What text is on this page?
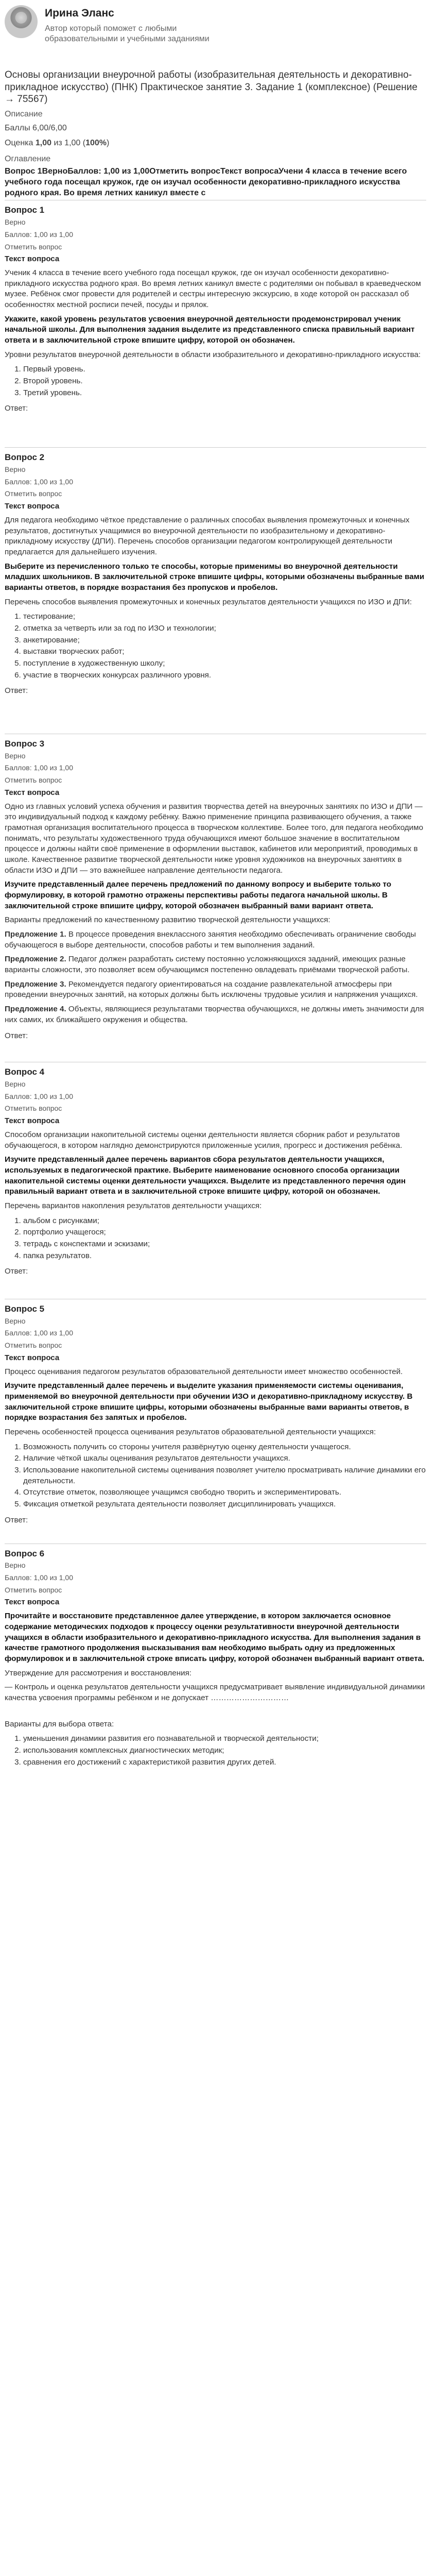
Ирина Эланс
Автор который поможет с любыми образовательными и учебными заданиями
Основы организации внеурочной работы (изобразительная деятельность и декоративно-прикладное искусство) (ПНК) Практическое занятие 3. Задание 1 (комплексное) (Решение → 75567)
Описание
Баллы 6,00/6,00
Оценка 1,00 из 1,00 (100%)
Оглавление
Вопрос 1ВерноБаллов: 1,00 из 1,00Отметить вопросТекст вопросаУчени 4 класса в течение всего учебного года посещал кружок, где он изучал особенности декоративно-прикладного искусства родного края. Во время летних каникул вместе с
Вопрос 1
Верно
Баллов: 1,00 из 1,00
Отметить вопрос
Текст вопроса
Ученик 4 класса в течение всего учебного года посещал кружок, где он изучал особенности декоративно-прикладного искусства родного края. Во время летних каникул вместе с родителями он побывал в краеведческом музее. Ребёнок смог провести для родителей и сестры интересную экскурсию, в ходе которой он рассказал об особенностях местной росписи печей, посуды и прялок.
Укажите, какой уровень результатов усвоения внеурочной деятельности продемонстрировал ученик начальной школы. Для выполнения задания выделите из представленного списка правильный вариант ответа и в заключительной строке впишите цифру, которой он обозначен.
Уровни результатов внеурочной деятельности в области изобразительного и декоративно-прикладного искусства:
1. Первый уровень.
2. Второй уровень.
3. Третий уровень.
Ответ:
Вопрос 2
Верно
Баллов: 1,00 из 1,00
Отметить вопрос
Текст вопроса
Для педагога необходимо чёткое представление о различных способах выявления промежуточных и конечных результатов, достигнутых учащимися во внеурочной деятельности по изобразительному и декоративно-прикладному искусству (ДПИ). Перечень способов организации педагогом контролирующей деятельности предлагается для дальнейшего изучения.
Выберите из перечисленного только те способы, которые применимы во внеурочной деятельности младших школьников. В заключительной строке впишите цифры, которыми обозначены выбранные вами варианты ответов, в порядке возрастания без пропусков и пробелов.
Перечень способов выявления промежуточных и конечных результатов деятельности учащихся по ИЗО и ДПИ:
1. тестирование;
2. отметка за четверть или за год по ИЗО и технологии;
3. анкетирование;
4. выставки творческих работ;
5. поступление в художественную школу;
6. участие в творческих конкурсах различного уровня.
Ответ:
Вопрос 3
Верно
Баллов: 1,00 из 1,00
Отметить вопрос
Текст вопроса
Одно из главных условий успеха обучения и развития творчества детей на внеурочных занятиях по ИЗО и ДПИ — это индивидуальный подход к каждому ребёнку. Важно применение принципа развивающего обучения, а также грамотная организация воспитательного процесса в творческом коллективе. Более того, для педагога необходимо понимать, что результаты художественного труда обучающихся имеют большое значение в воспитательном процессе и должны найти своё применение в оформлении выставок, кабинетов или мероприятий, проводимых в школе. Качественное развитие творческой деятельности ниже уровня художников на внеурочных занятиях в области ИЗО и ДПИ — это важнейшее направление деятельности педагога.
Изучите представленный далее перечень предложений по данному вопросу и выберите только то формулировку, в которой грамотно отражены перспективы работы педагога начальной школы. В заключительной строке впишите цифру, которой обозначен выбранный вами вариант ответа.
Варианты предложений по качественному развитию творческой деятельности учащихся:
Предложение 1. В процессе проведения внеклассного занятия необходимо обеспечивать ограничение свободы обучающегося в выборе деятельности, способов работы и тем выполнения заданий.
Предложение 2. Педагог должен разработать систему постоянно усложняющихся заданий, имеющих разные варианты сложности, это позволяет всем обучающимся постепенно овладевать приёмами творческой работы.
Предложение 3. Рекомендуется педагогу ориентироваться на создание развлекательной атмосферы при проведении внеурочных занятий, на которых должны быть исключены трудовые усилия и напряжения учащихся.
Предложение 4. Объекты, являющиеся результатами творчества обучающихся, не должны иметь значимости для них самих, их ближайшего окружения и общества.
Ответ:
Вопрос 4
Верно
Баллов: 1,00 из 1,00
Отметить вопрос
Текст вопроса
Способом организации накопительной системы оценки деятельности является сборник работ и результатов обучающегося, в котором наглядно демонстрируются приложенные усилия, прогресс и достижения ребёнка.
Изучите представленный далее перечень вариантов сбора результатов деятельности учащихся, используемых в педагогической практике. Выберите наименование основного способа организации накопительной системы оценки деятельности учащихся. Выделите из представленного перечня один правильный вариант ответа и в заключительной строке впишите цифру, которой он обозначен.
Перечень вариантов накопления результатов деятельности учащихся:
1. альбом с рисунками;
2. портфолио учащегося;
3. тетрадь с конспектами и эскизами;
4. папка результатов.
Ответ:
Вопрос 5
Верно
Баллов: 1,00 из 1,00
Отметить вопрос
Текст вопроса
Процесс оценивания педагогом результатов образовательной деятельности имеет множество особенностей.
Изучите представленный далее перечень и выделите указания применяемости системы оценивания, применяемой во внеурочной деятельности при обучении ИЗО и декоративно-прикладному искусству. В заключительной строке впишите цифры, которыми обозначены выбранные вами варианты ответов, в порядке возрастания без запятых и пробелов.
Перечень особенностей процесса оценивания результатов образовательной деятельности учащихся:
1. Возможность получить со стороны учителя развёрнутую оценку деятельности учащегося.
2. Наличие чёткой шкалы оценивания результатов деятельности учащихся.
3. Использование накопительной системы оценивания позволяет учителю просматривать наличие динамики его деятельности.
4. Отсутствие отметок, позволяющее учащимся свободно творить и экспериментировать.
5. Фиксация отметкой результата деятельности позволяет дисциплинировать учащихся.
Ответ:
Вопрос 6
Верно
Баллов: 1,00 из 1,00
Отметить вопрос
Текст вопроса
Прочитайте и восстановите представленное далее утверждение, в котором заключается основное содержание методических подходов к процессу оценки результативности внеурочной деятельности учащихся в области изобразительного и декоративно-прикладного искусства. Для выполнения задания в качестве грамотного продолжения высказывания вам необходимо выбрать одну из предложенных формулировок и в заключительной строке вписать цифру, которой обозначен выбранный вариант ответа.
Утверждение для рассмотрения и восстановления:
— Контроль и оценка результатов деятельности учащихся предусматривает выявление индивидуальной динамики качества усвоения программы ребёнком и не допускает …………………………
Варианты для выбора ответа:
1. уменьшения динамики развития его познавательной и творческой деятельности;
2. использования комплексных диагностических методик;
3. сравнения его достижений с характеристикой развития других детей.
